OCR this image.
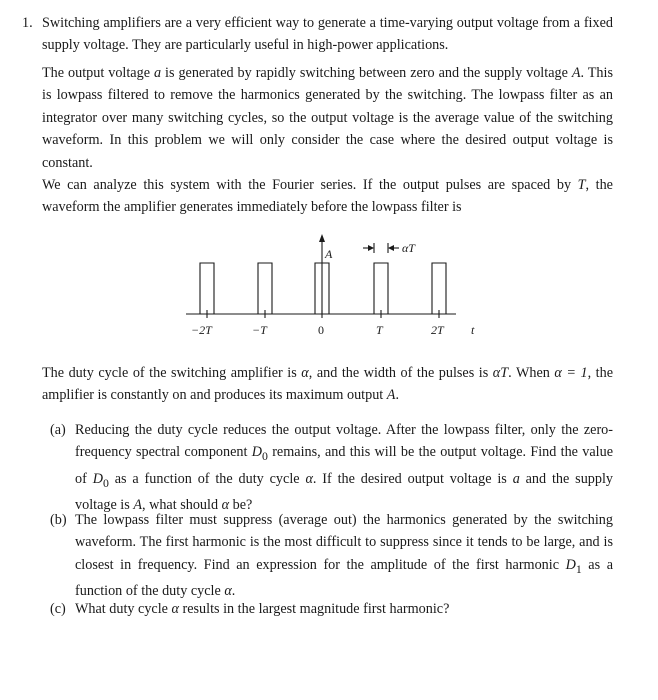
1. Switching amplifiers are a very efficient way to generate a time-varying output voltage from a fixed supply voltage. They are particularly useful in high-power applications.

The output voltage a is generated by rapidly switching between zero and the supply voltage A. This is lowpass filtered to remove the harmonics generated by the switching. The lowpass filter as an integrator over many switching cycles, so the output voltage is the average value of the switching waveform. In this problem we will only consider the case where the desired output voltage is constant.

We can analyze this system with the Fourier series. If the output pulses are spaced by T, the waveform the amplifier generates immediately before the lowpass filter is

A	αT
−2T	−T	0	T	2T t

The duty cycle of the switching amplifier is α, and the width of the pulses is αT. When α = 1, the amplifier is constantly on and produces its maximum output A.

(a) Reducing the duty cycle reduces the output voltage. After the lowpass filter, only the zero-frequency spectral component $D_0$ remains, and this will be the output voltage. Find the value of $D_0$ as a function of the duty cycle α. If the desired output voltage is a and the supply voltage is A, what should α be?

(b) The lowpass filter must suppress (average out) the harmonics generated by the switching waveform. The first harmonic is the most difficult to suppress since it tends to be large, and is closest in frequency. Find an expression for the amplitude of the first harmonic $D_1$ as a function of the duty cycle α.

(c) What duty cycle α results in the largest magnitude first harmonic?
